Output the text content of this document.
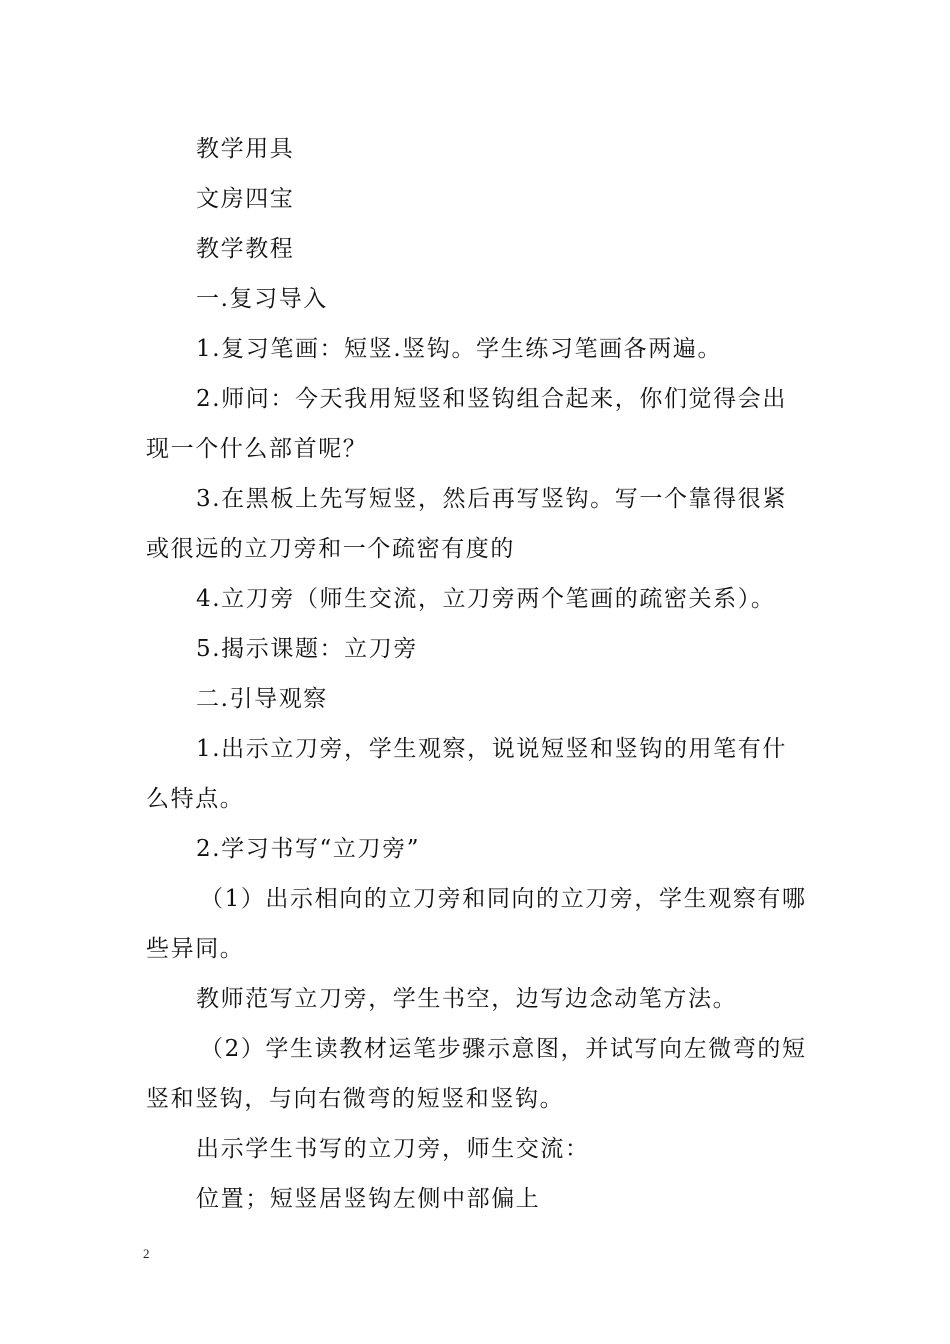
教学用具
文房四宝
教学教程
一.复习导入
1.复习笔画：短竖.竖钩。学生练习笔画各两遍。
2.师问：今天我用短竖和竖钩组合起来，你们觉得会出
现一个什么部首呢？
3.在黑板上先写短竖，然后再写竖钩。写一个靠得很紧
或很远的立刀旁和一个疏密有度的
4.立刀旁（师生交流，立刀旁两个笔画的疏密关系）。
5.揭示课题：立刀旁
二.引导观察
1.出示立刀旁，学生观察，说说短竖和竖钩的用笔有什
么特点。
2.学习书写“立刀旁”
（1）出示相向的立刀旁和同向的立刀旁，学生观察有哪
些异同。
教师范写立刀旁，学生书空，边写边念动笔方法。
（2）学生读教材运笔步骤示意图，并试写向左微弯的短
竖和竖钩，与向右微弯的短竖和竖钩。
出示学生书写的立刀旁，师生交流：
位置；短竖居竖钩左侧中部偏上
2
